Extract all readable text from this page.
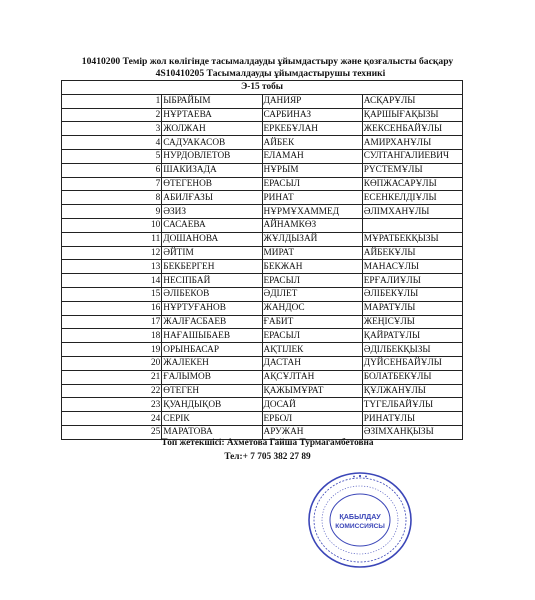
10410200 Темір жол көлігінде тасымалдауды ұйымдастыру және қозғалысты басқару
4S10410205 Тасымалдауды ұйымдастырушы техникі
Э-15 тобы			
1	ЫБРАЙЫМ	ДАНИЯР	АСҚАРҰЛЫ
2	НҰРТАЕВА	САРБИНАЗ	ҚАРШЫҒАҚЫЗЫ
3	ЖОЛЖАН	ЕРКЕБҰЛАН	ЖЕКСЕНБАЙҰЛЫ
4	САДУАКАСОВ	АЙБЕК	АМИРХАНҰЛЫ
5	НУРДОВЛЕТОВ	ЕЛАМАН	СУЛТАНГАЛИЕВИЧ
6	ШАКИЗАДА	НҰРЫМ	РҮСТЕМҰЛЫ
7	ӨТЕГЕНОВ	ЕРАСЫЛ	КӨПЖАСАРҰЛЫ
8	АБИЛҒАЗЫ	РИНАТ	ЕСЕНКЕЛДІҰЛЫ
9	ӘЗИЗ	НҰРМҰХАММЕД	ӘЛІМХАНҰЛЫ
10	САСАЕВА	АЙНАМКӨЗ	
11	ДОШАНОВА	ЖҰЛДЫЗАЙ	МҰРАТБЕКҚЫЗЫ
12	ӘЙТІМ	МИРАТ	АЙБЕКҰЛЫ
13	БЕКБЕРГЕН	БЕКЖАН	МАНАСҰЛЫ
14	НЕСІПБАЙ	ЕРАСЫЛ	ЕРҒАЛИҰЛЫ
15	ӘЛІБЕКОВ	ӘДІЛЕТ	ӘЛІБЕКҰЛЫ
16	НҰРТУҒАНОВ	ЖАНДОС	МАРАТҰЛЫ
17	ЖАЛҒАСБАЕВ	ҒАБИТ	ЖЕҢІСҰЛЫ
18	НАҒАШЫБАЕВ	ЕРАСЫЛ	ҚАЙРАТҰЛЫ
19	ОРЫНБАСАР	АҚТІЛЕК	ӘДІЛБЕКҚЫЗЫ
20	ЖАЛЕКЕН	ДАСТАН	ДҮЙСЕНБАЙҰЛЫ
21	ҒАЛЫМОВ	АҚСҰЛТАН	БОЛАТБЕКҰЛЫ
22	ӨТЕГЕН	ҚАЖЫМҰРАТ	ҚҰЛЖАНҰЛЫ
23	ҚУАНДЫҚОВ	ДОСАЙ	ТҮГЕЛБАЙҰЛЫ
24	СЕРІК	ЕРБОЛ	РИНАТҰЛЫ
25	МАРАТОВА	АРУЖАН	ӘЗІМХАНҚЫЗЫ
Топ жетекшісі: Ахметова Гайша Турмагамбетовна
Тел:+ 7 705 382 27 89
ҚАБЫЛДАУ
КОМИССИЯСЫ
